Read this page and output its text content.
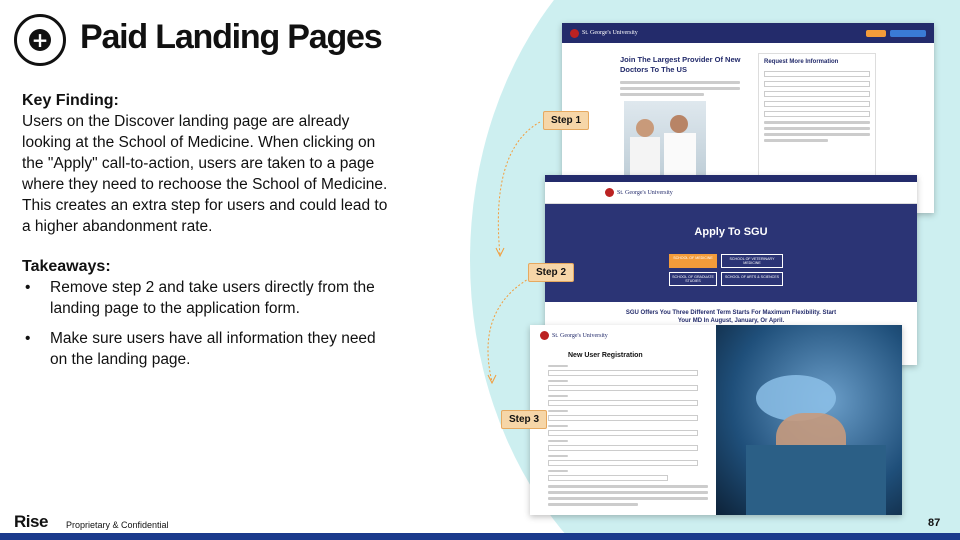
+ Paid Landing Pages
Key Finding:
Users on the Discover landing page are already looking at the School of Medicine. When clicking on the "Apply" call-to-action, users are taken to a page where they need to rechoose the School of Medicine. This creates an extra step for users and could lead to a higher abandonment rate.
Takeaways:
• Remove step 2 and take users directly from the landing page to the application form.
• Make sure users have all information they need on the landing page.
St. George's University
Join The Largest Provider Of New Doctors To The US
Request More Information
St. George's University
Apply To SGU
SCHOOL OF MEDICINE	SCHOOL OF VETERINARY MEDICINE
SCHOOL OF GRADUATE STUDIES
SCHOOL OF ARTS & SCIENCES
SGU Offers You Three Different Term Starts For Maximum Flexibility. Start Your MD In August, January, Or April.
St. George's University
New User Registration
Step 1
Step 2
Step 3
Rise Proprietary & Confidential	87
